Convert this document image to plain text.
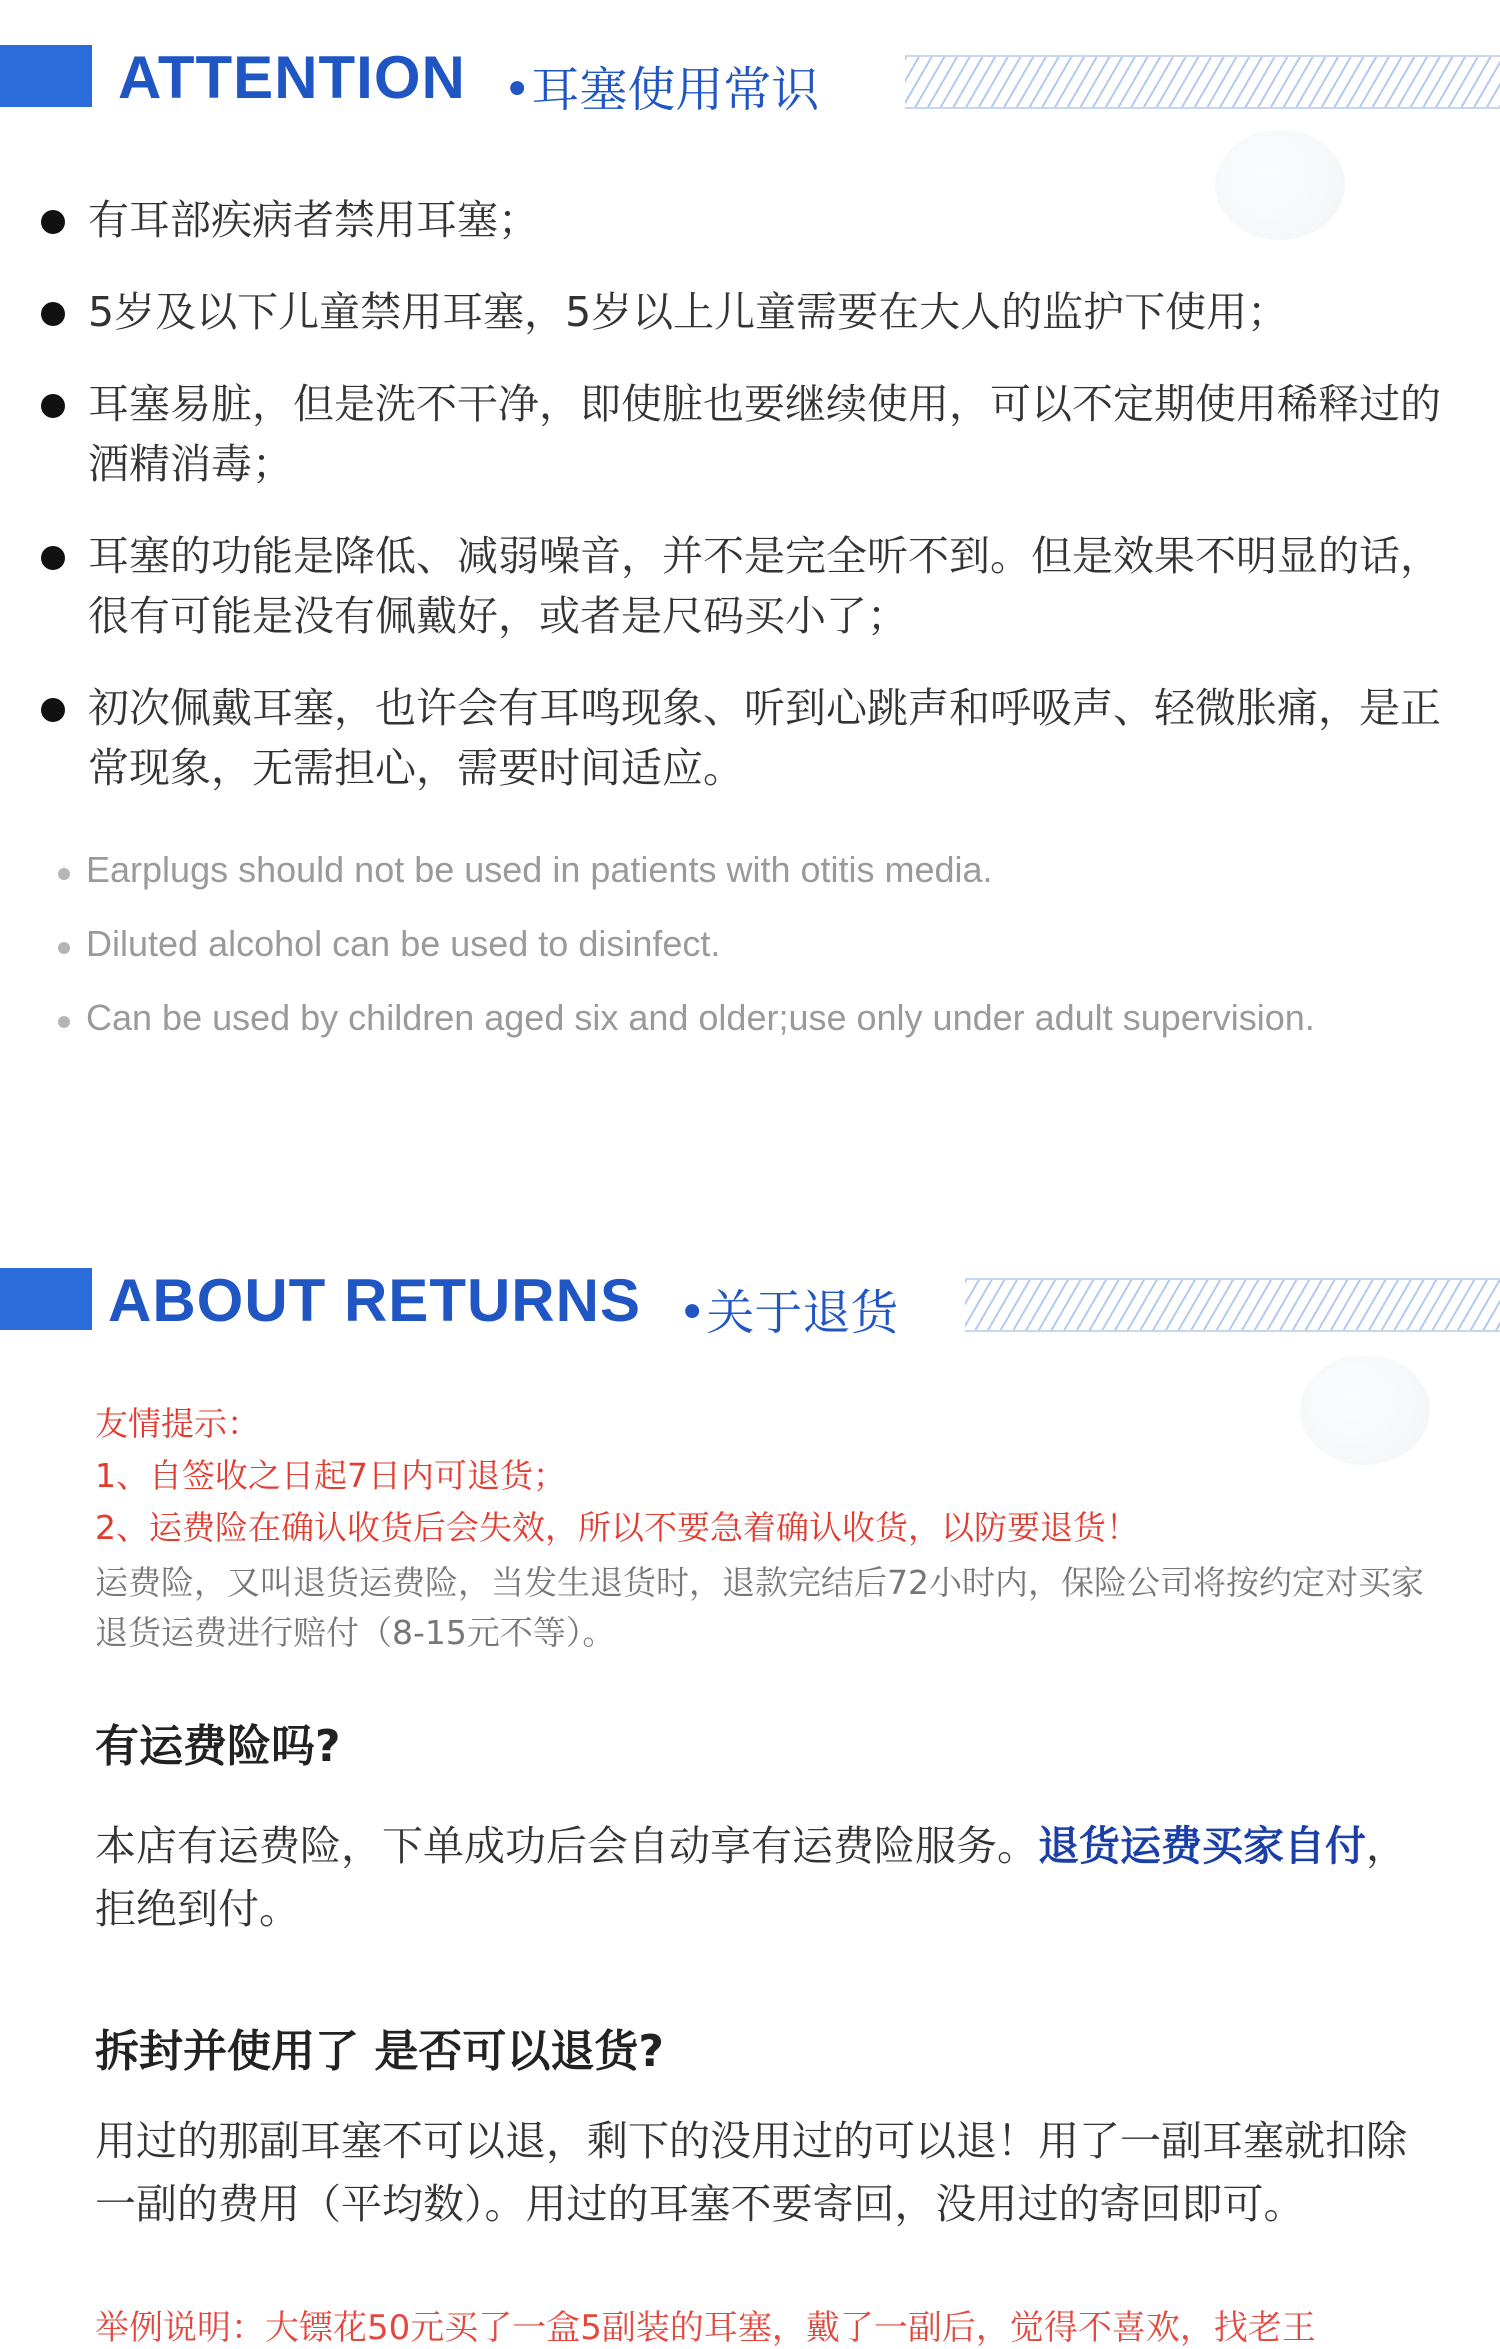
ATTENTION •耳塞使用常识
有耳部疾病者禁用耳塞；
5岁及以下儿童禁用耳塞，5岁以上儿童需要在大人的监护下使用；
耳塞易脏，但是洗不干净，即使脏也要继续使用，可以不定期使用稀释过的酒精消毒；
耳塞的功能是降低、减弱噪音，并不是完全听不到。但是效果不明显的话，很有可能是没有佩戴好，或者是尺码买小了；
初次佩戴耳塞，也许会有耳鸣现象、听到心跳声和呼吸声、轻微胀痛，是正常现象，无需担心，需要时间适应。
Earplugs should not be used in patients with otitis media.
Diluted alcohol can be used to disinfect.
Can be used by children aged six and older;use only under adult supervision.
ABOUT RETURNS •关于退货
友情提示：
1、自签收之日起7日内可退货；
2、运费险在确认收货后会失效，所以不要急着确认收货，以防要退货！
运费险，又叫退货运费险，当发生退货时，退款完结后72小时内，保险公司将按约定对买家退货运费进行赔付（8-15元不等）。
有运费险吗?
本店有运费险，下单成功后会自动享有运费险服务。退货运费买家自付，拒绝到付。
拆封并使用了 是否可以退货?
用过的那副耳塞不可以退，剩下的没用过的可以退！用了一副耳塞就扣除一副的费用（平均数）。用过的耳塞不要寄回，没用过的寄回即可。
举例说明：大镖花50元买了一盒5副装的耳塞，戴了一副后，觉得不喜欢，找老王
